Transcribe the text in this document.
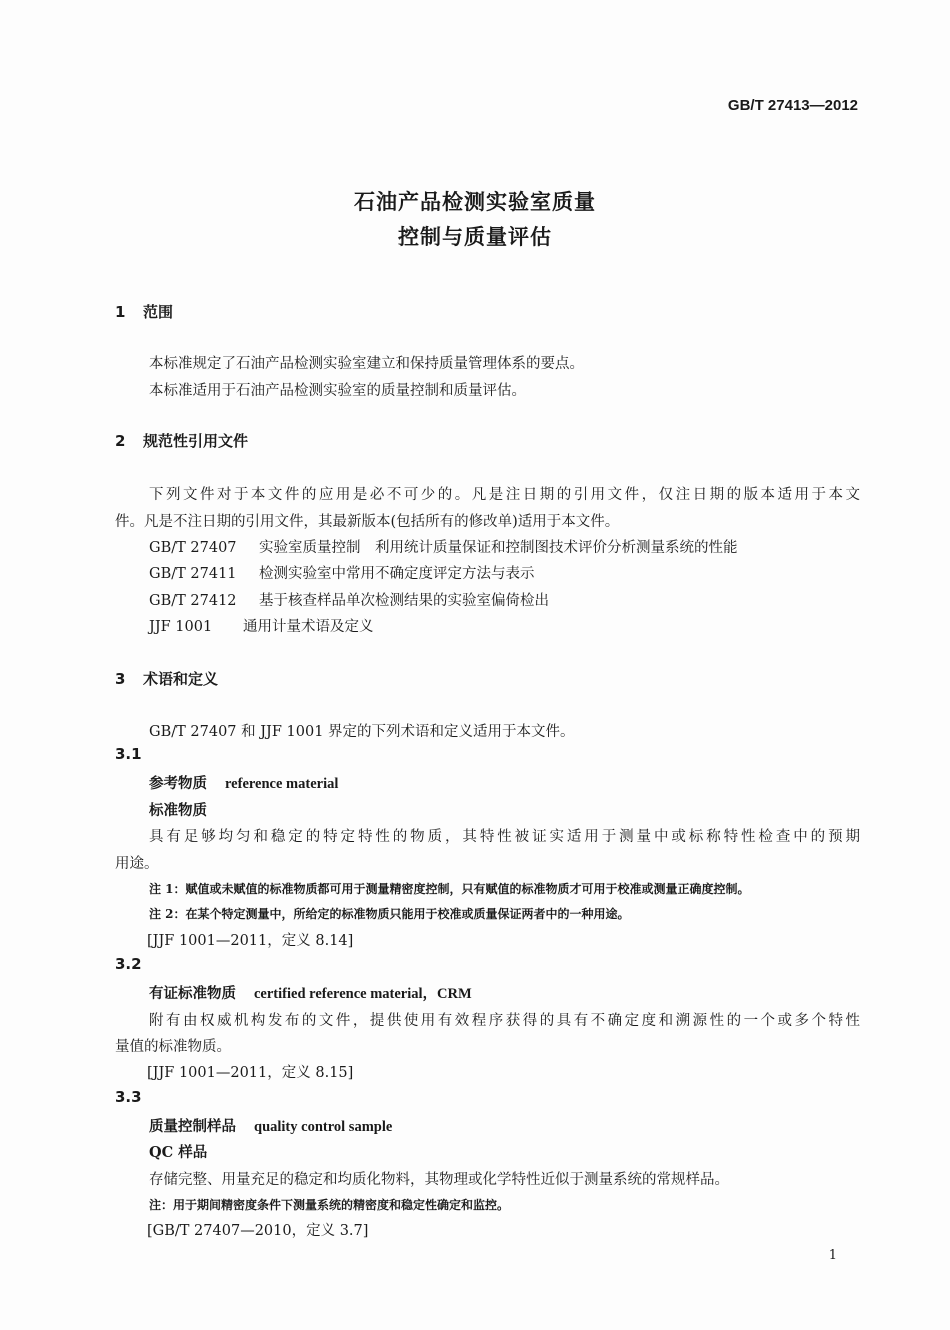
GB/T 27413—2012
石油产品检测实验室质量
控制与质量评估
1 范围
本标准规定了石油产品检测实验室建立和保持质量管理体系的要点。
本标准适用于石油产品检测实验室的质量控制和质量评估。
2 规范性引用文件
下列文件对于本文件的应用是必不可少的。凡是注日期的引用文件，仅注日期的版本适用于本文
件。凡是不注日期的引用文件，其最新版本(包括所有的修改单)适用于本文件。
GB/T 27407 实验室质量控制　利用统计质量保证和控制图技术评价分析测量系统的性能
GB/T 27411 检测实验室中常用不确定度评定方法与表示
GB/T 27412 基于核查样品单次检测结果的实验室偏倚检出
JJF 1001 通用计量术语及定义
3 术语和定义
GB/T 27407 和 JJF 1001 界定的下列术语和定义适用于本文件。
3.1
参考物质 reference material
标准物质
具有足够均匀和稳定的特定特性的物质，其特性被证实适用于测量中或标称特性检查中的预期
用途。
注 1：赋值或未赋值的标准物质都可用于测量精密度控制，只有赋值的标准物质才可用于校准或测量正确度控制。
注 2：在某个特定测量中，所给定的标准物质只能用于校准或质量保证两者中的一种用途。
[JJF 1001—2011，定义 8.14]
3.2
有证标准物质 certified reference material，CRM
附有由权威机构发布的文件，提供使用有效程序获得的具有不确定度和溯源性的一个或多个特性
量值的标准物质。
[JJF 1001—2011，定义 8.15]
3.3
质量控制样品 quality control sample
QC 样品
存储完整、用量充足的稳定和均质化物料，其物理或化学特性近似于测量系统的常规样品。
注：用于期间精密度条件下测量系统的精密度和稳定性确定和监控。
[GB/T 27407—2010，定义 3.7]
1
